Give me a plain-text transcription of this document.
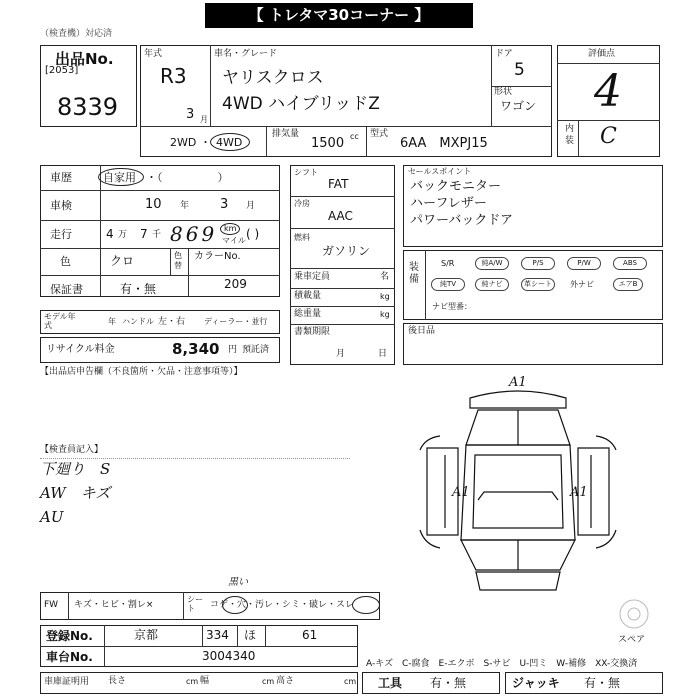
【 トレタマ30コーナー 】
（検査機）対応済
出品No.
[2053]
8339
年式
R3
3 月
車名・グレード
ヤリスクロス
4WD ハイブリッドZ
ドア
5
形状
ワゴン
2WD ・ 4WD
排気量
1500 cc 型式
6AA　MXPJ15
評価点
4
内装 C
車歴	自家用 ・（　　　　　）
車検	10 年 3 月
走行	4 万 7 千 869 km
マイル ( )
色	クロ	色替
カラーNo.
209
保証書	有・無
モデル年式	年 ハンドル 左・右 ディーラー・並行
リサイクル料金	8,340 円 預託済
シフト
FAT
冷房
AAC
燃料
ガソリン
乗車定員	名
積載量	kg
総重量	kg
書類期限
月	日
セールスポイント
バックモニター
ハーフレザー
パワーバックドア
装備
S/R	純A/W	P/S	P/W	ABS
純TV	純ナビ	革シート	外ナビ	エアB
ナビ型番：
後日品
【出品店申告欄（不良箇所・欠品・注意事項等）】
【検査員記入】
下廻り　S
AW　キズ
AU
A1
A1	A1
スペア
FW キズ・ヒビ・割レ×
シート	コゲ・穴・汚レ・シミ・破レ・スレ
黒い
登録No.	京都	334 ほ	61
車台No.	3004340
A-キズ　C-腐食　E-エクボ　S-サビ　U-凹ミ　W-補修　XX-交換済
車庫証明用 長さ	cm 幅	cm 高さ	cm 工具 有・無	ジャッキ 有・無
